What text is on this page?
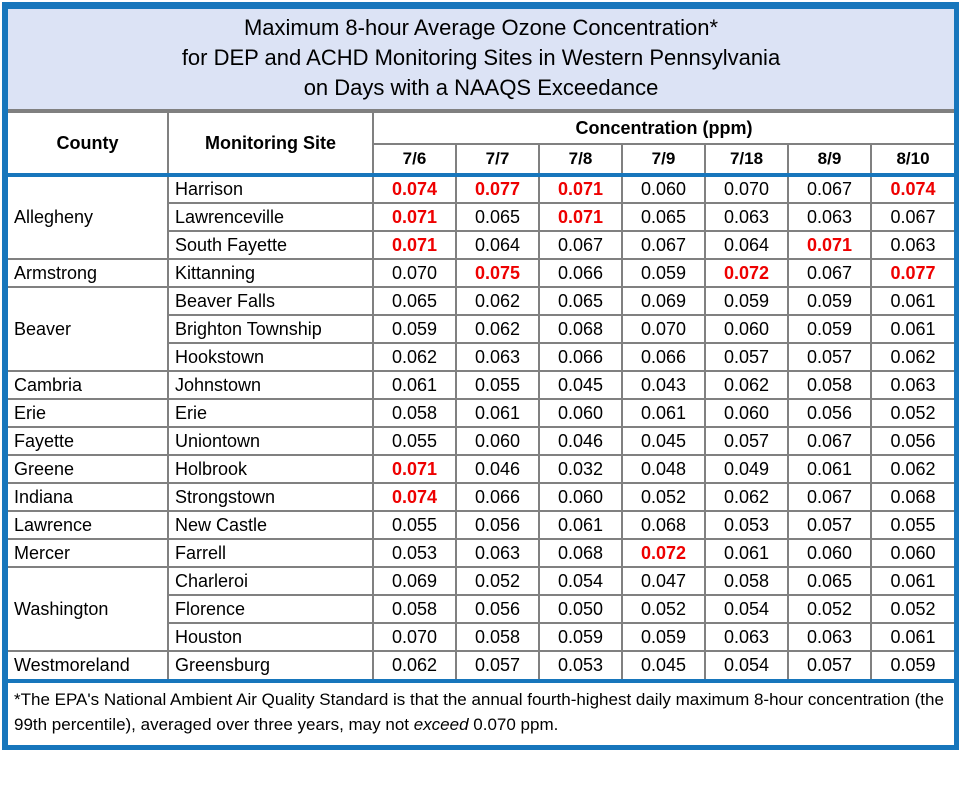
Maximum 8-hour Average Ozone Concentration*
for DEP and ACHD Monitoring Sites in Western Pennsylvania
on Days with a NAAQS Exceedance
County	Monitoring Site	Concentration (ppm)						
		7/6	7/7	7/8	7/9	7/18	8/9	8/10
Allegheny	Harrison	0.074	0.077	0.071	0.060	0.070	0.067	0.074
	Lawrenceville	0.071	0.065	0.071	0.065	0.063	0.063	0.067
	South Fayette	0.071	0.064	0.067	0.067	0.064	0.071	0.063
Armstrong	Kittanning	0.070	0.075	0.066	0.059	0.072	0.067	0.077
Beaver	Beaver Falls	0.065	0.062	0.065	0.069	0.059	0.059	0.061
	Brighton Township	0.059	0.062	0.068	0.070	0.060	0.059	0.061
	Hookstown	0.062	0.063	0.066	0.066	0.057	0.057	0.062
Cambria	Johnstown	0.061	0.055	0.045	0.043	0.062	0.058	0.063
Erie	Erie	0.058	0.061	0.060	0.061	0.060	0.056	0.052
Fayette	Uniontown	0.055	0.060	0.046	0.045	0.057	0.067	0.056
Greene	Holbrook	0.071	0.046	0.032	0.048	0.049	0.061	0.062
Indiana	Strongstown	0.074	0.066	0.060	0.052	0.062	0.067	0.068
Lawrence	New Castle	0.055	0.056	0.061	0.068	0.053	0.057	0.055
Mercer	Farrell	0.053	0.063	0.068	0.072	0.061	0.060	0.060
Washington	Charleroi	0.069	0.052	0.054	0.047	0.058	0.065	0.061
	Florence	0.058	0.056	0.050	0.052	0.054	0.052	0.052
	Houston	0.070	0.058	0.059	0.059	0.063	0.063	0.061
Westmoreland	Greensburg	0.062	0.057	0.053	0.045	0.054	0.057	0.059
*The EPA's National Ambient Air Quality Standard is that the annual fourth-highest daily maximum 8-hour concentration (the 99th percentile), averaged over three years, may not exceed 0.070 ppm.
